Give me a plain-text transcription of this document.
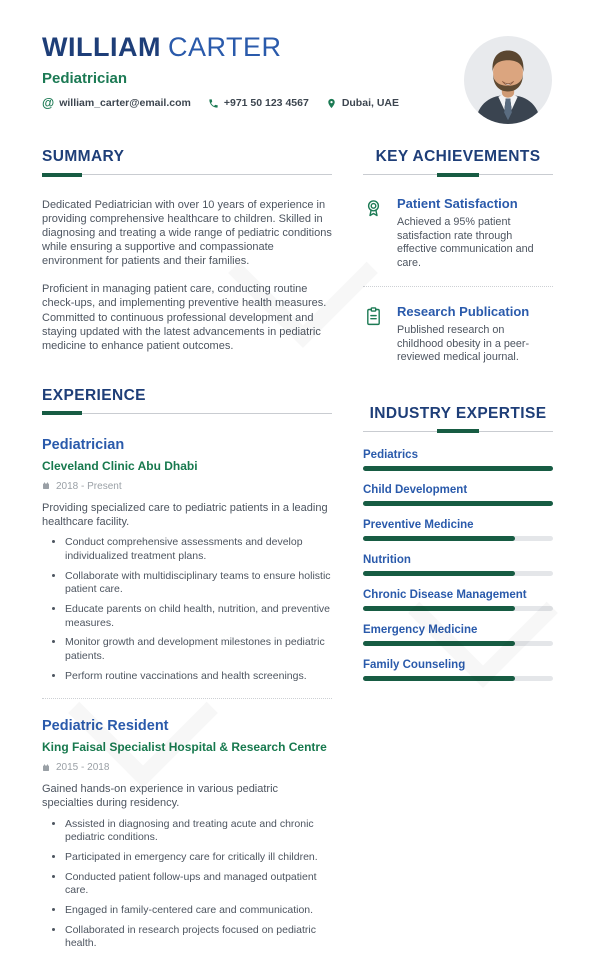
WILLIAM CARTER
Pediatrician
@ william_carter@email.com	+971 50 123 4567	Dubai, UAE
SUMMARY

Dedicated Pediatrician with over 10 years of experience in providing comprehensive healthcare to children. Skilled in diagnosing and treating a wide range of pediatric conditions while ensuring a supportive and compassionate environment for patients and their families.

Proficient in managing patient care, conducting routine check-ups, and implementing preventive health measures. Committed to continuous professional development and staying updated with the latest advancements in pediatric medicine to enhance patient outcomes.

EXPERIENCE
Pediatrician
Cleveland Clinic Abu Dhabi
2018 - Present
Providing specialized care to pediatric patients in a leading healthcare facility.
• Conduct comprehensive assessments and develop individualized treatment plans.
• Collaborate with multidisciplinary teams to ensure holistic patient care.
• Educate parents on child health, nutrition, and preventive measures.
• Monitor growth and development milestones in pediatric patients.
• Perform routine vaccinations and health screenings.
Pediatric Resident
King Faisal Specialist Hospital & Research Centre
2015 - 2018
Gained hands-on experience in various pediatric specialties during residency.
• Assisted in diagnosing and treating acute and chronic pediatric conditions.
• Participated in emergency care for critically ill children.
• Conducted patient follow-ups and managed outpatient care.
• Engaged in family-centered care and communication.
• Collaborated in research projects focused on pediatric health.
KEY ACHIEVEMENTS
Patient Satisfaction
Achieved a 95% patient satisfaction rate through effective communication and care.
Research Publication
Published research on childhood obesity in a peer-reviewed medical journal.
INDUSTRY EXPERTISE
Pediatrics
Child Development
Preventive Medicine
Nutrition
Chronic Disease Management
Emergency Medicine
Family Counseling
